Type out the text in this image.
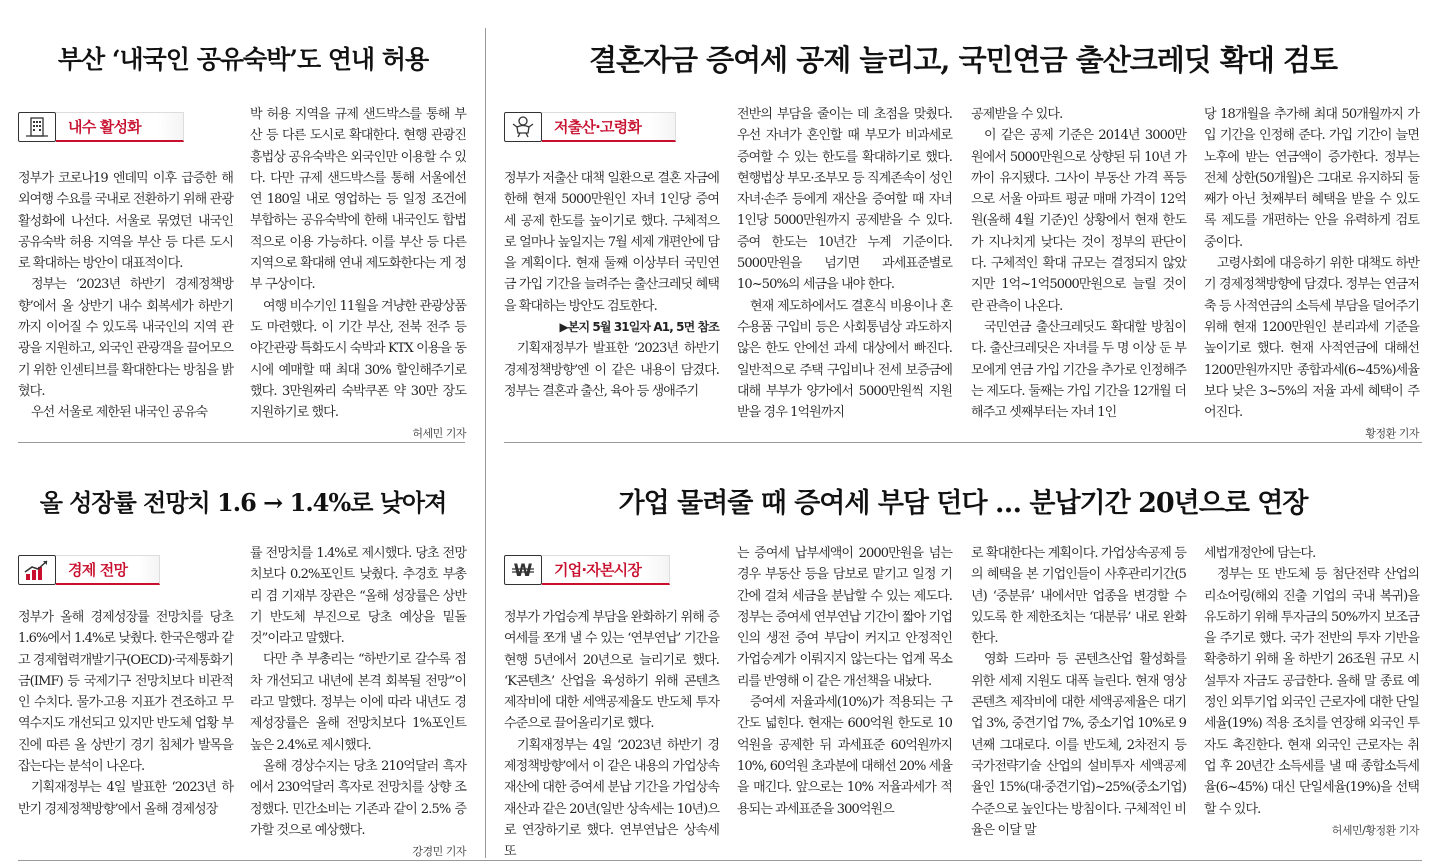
부산 ‘내국인 공유숙박’도 연내 허용
내수 활성화

정부가 코로나19 엔데믹 이후 급증한 해외여행 수요를 국내로 전환하기 위해 관광 활성화에 나선다. 서울로 묶였던 내국인 공유숙박 허용 지역을 부산 등 다른 도시로 확대하는 방안이 대표적이다.

정부는 ‘2023년 하반기 경제정책방향’에서 올 상반기 내수 회복세가 하반기까지 이어질 수 있도록 내국인의 지역 관광을 지원하고, 외국인 관광객을 끌어모으기 위한 인센티브를 확대한다는 방침을 밝혔다.

우선 서울로 제한된 내국인 공유숙

박 허용 지역을 규제 샌드박스를 통해 부산 등 다른 도시로 확대한다. 현행 관광진흥법상 공유숙박은 외국인만 이용할 수 있다. 다만 규제 샌드박스를 통해 서울에선 연 180일 내로 영업하는 등 일정 조건에 부합하는 공유숙박에 한해 내국인도 합법적으로 이용 가능하다. 이를 부산 등 다른 지역으로 확대해 연내 제도화한다는 게 정부 구상이다.

여행 비수기인 11월을 겨냥한 관광상품도 마련했다. 이 기간 부산, 전북 전주 등 야간관광 특화도시 숙박과 KTX 이용을 동시에 예매할 때 최대 30% 할인해주기로 했다. 3만원짜리 숙박쿠폰 약 30만 장도 지원하기로 했다.

허세민 기자
결혼자금 증여세 공제 늘리고, 국민연금 출산크레딧 확대 검토
저출산·고령화

정부가 저출산 대책 일환으로 결혼 자금에 한해 현재 5000만원인 자녀 1인당 증여세 공제 한도를 높이기로 했다. 구체적으로 얼마나 높일지는 7월 세제 개편안에 담을 계획이다. 현재 둘째 이상부터 국민연금 가입 기간을 늘려주는 출산크레딧 혜택을 확대하는 방안도 검토한다.

▶본지 5월 31일자 A1, 5면 참조

기획재정부가 발표한 ‘2023년 하반기 경제정책방향’엔 이 같은 내용이 담겼다. 정부는 결혼과 출산, 육아 등 생애주기

전반의 부담을 줄이는 데 초점을 맞췄다. 우선 자녀가 혼인할 때 부모가 비과세로 증여할 수 있는 한도를 확대하기로 했다. 현행법상 부모·조부모 등 직계존속이 성인 자녀·손주 등에게 재산을 증여할 때 자녀 1인당 5000만원까지 공제받을 수 있다. 증여 한도는 10년간 누계 기준이다. 5000만원을 넘기면 과세표준별로 10~50%의 세금을 내야 한다.

현재 제도하에서도 결혼식 비용이나 혼수용품 구입비 등은 사회통념상 과도하지 않은 한도 안에선 과세 대상에서 빠진다. 일반적으로 주택 구입비나 전세 보증금에 대해 부부가 양가에서 5000만원씩 지원받을 경우 1억원까지

공제받을 수 있다.

이 같은 공제 기준은 2014년 3000만원에서 5000만원으로 상향된 뒤 10년 가까이 유지됐다. 그사이 부동산 가격 폭등으로 서울 아파트 평균 매매 가격이 12억원(올해 4월 기준)인 상황에서 현재 한도가 지나치게 낮다는 것이 정부의 판단이다. 구체적인 확대 규모는 결정되지 않았지만 1억~1억5000만원으로 늘릴 것이란 관측이 나온다.

국민연금 출산크레딧도 확대할 방침이다. 출산크레딧은 자녀를 두 명 이상 둔 부모에게 연금 가입 기간을 추가로 인정해주는 제도다. 둘째는 가입 기간을 12개월 더해주고 셋째부터는 자녀 1인

당 18개월을 추가해 최대 50개월까지 가입 기간을 인정해 준다. 가입 기간이 늘면 노후에 받는 연금액이 증가한다. 정부는 전체 상한(50개월)은 그대로 유지하되 둘째가 아닌 첫째부터 혜택을 받을 수 있도록 제도를 개편하는 안을 유력하게 검토 중이다.

고령사회에 대응하기 위한 대책도 하반기 경제정책방향에 담겼다. 정부는 연금저축 등 사적연금의 소득세 부담을 덜어주기 위해 현재 1200만원인 분리과세 기준을 높이기로 했다. 현재 사적연금에 대해선 1200만원까지만 종합과세(6~45%)세율보다 낮은 3~5%의 저율 과세 혜택이 주어진다.

황정환 기자
올 성장률 전망치 1.6 → 1.4%로 낮아져
경제 전망

정부가 올해 경제성장률 전망치를 당초 1.6%에서 1.4%로 낮췄다. 한국은행과 같고 경제협력개발기구(OECD)·국제통화기금(IMF) 등 국제기구 전망치보다 비관적인 수치다. 물가·고용 지표가 견조하고 무역수지도 개선되고 있지만 반도체 업황 부진에 따른 올 상반기 경기 침체가 발목을 잡는다는 분석이 나온다.

기획재정부는 4일 발표한 ‘2023년 하반기 경제정책방향’에서 올해 경제성장

률 전망치를 1.4%로 제시했다. 당초 전망치보다 0.2%포인트 낮췄다. 추경호 부총리 겸 기재부 장관은 “올해 성장률은 상반기 반도체 부진으로 당초 예상을 밑돌 것”이라고 말했다.

다만 추 부총리는 “하반기로 갈수록 점차 개선되고 내년에 본격 회복될 전망”이라고 말했다. 정부는 이에 따라 내년도 경제성장률은 올해 전망치보다 1%포인트 높은 2.4%로 제시했다.

올해 경상수지는 당초 210억달러 흑자에서 230억달러 흑자로 전망치를 상향 조정했다. 민간소비는 기존과 같이 2.5% 증가할 것으로 예상했다.

강경민 기자
가업 물려줄 때 증여세 부담 던다 … 분납기간 20년으로 연장
W	기업·자본시장

정부가 가업승계 부담을 완화하기 위해 증여세를 쪼개 낼 수 있는 ‘연부연납’ 기간을 현행 5년에서 20년으로 늘리기로 했다. ‘K콘텐츠’ 산업을 육성하기 위해 콘텐츠 제작비에 대한 세액공제율도 반도체 투자 수준으로 끌어올리기로 했다.

기획재정부는 4일 ‘2023년 하반기 경제정책방향’에서 이 같은 내용의 가업상속재산에 대한 증여세 분납 기간을 가업상속재산과 같은 20년(일반 상속세는 10년)으로 연장하기로 했다. 연부연납은 상속세 또

는 증여세 납부세액이 2000만원을 넘는 경우 부동산 등을 담보로 맡기고 일정 기간에 걸쳐 세금을 분납할 수 있는 제도다. 정부는 증여세 연부연납 기간이 짧아 기업인의 생전 증여 부담이 커지고 안정적인 가업승계가 이뤄지지 않는다는 업계 목소리를 반영해 이 같은 개선책을 내놨다.

증여세 저율과세(10%)가 적용되는 구간도 넓힌다. 현재는 600억원 한도로 10억원을 공제한 뒤 과세표준 60억원까지 10%, 60억원 초과분에 대해선 20% 세율을 매긴다. 앞으로는 10% 저율과세가 적용되는 과세표준을 300억원으

로 확대한다는 계획이다. 가업상속공제 등의 혜택을 본 기업인들이 사후관리기간(5년) ‘중분류’ 내에서만 업종을 변경할 수 있도록 한 제한조치는 ‘대분류’ 내로 완화한다.

영화 드라마 등 콘텐츠산업 활성화를 위한 세제 지원도 대폭 늘린다. 현재 영상콘텐츠 제작비에 대한 세액공제율은 대기업 3%, 중견기업 7%, 중소기업 10%로 9년째 그대로다. 이를 반도체, 2차전지 등 국가전략기술 산업의 설비투자 세액공제율인 15%(대·중견기업)~25%(중소기업) 수준으로 높인다는 방침이다. 구체적인 비율은 이달 말

세법개정안에 담는다.

정부는 또 반도체 등 첨단전략 산업의 리쇼어링(해외 진출 기업의 국내 복귀)을 유도하기 위해 투자금의 50%까지 보조금을 주기로 했다. 국가 전반의 투자 기반을 확충하기 위해 올 하반기 26조원 규모 시설투자 자금도 공급한다. 올해 말 종료 예정인 외투기업 외국인 근로자에 대한 단일세율(19%) 적용 조치를 연장해 외국인 투자도 촉진한다. 현재 외국인 근로자는 취업 후 20년간 소득세를 낼 때 종합소득세율(6~45%) 대신 단일세율(19%)을 선택할 수 있다.

허세민/황정환 기자
